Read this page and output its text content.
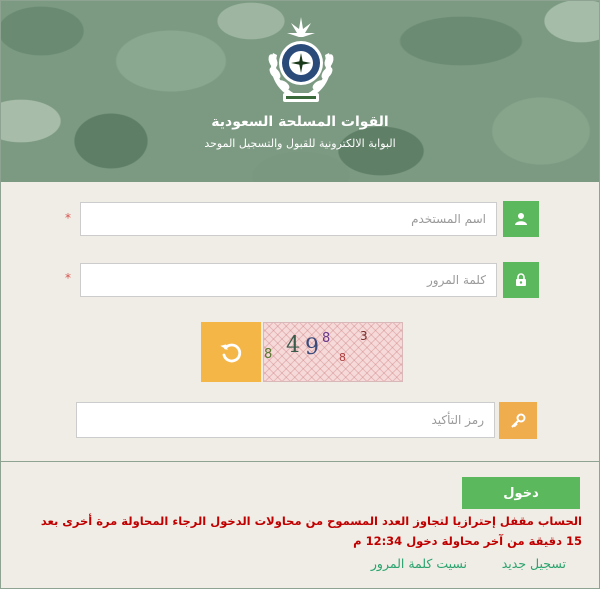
القوات المسلحة السعودية
البوابة الالكترونية للقبول والتسجيل الموحد
*	اسم المستخدم
*	كلمة المرور
8 4 9 8
8
3
رمز التأكيد
دخول
الحساب مقفل إحترازيا لتجاوز العدد المسموح من محاولات الدخول الرجاء المحاولة مرة أخرى بعد 15 دقيقة من آخر محاولة دخول 12:34 م
تسجيل جديد
نسيت كلمة المرور
